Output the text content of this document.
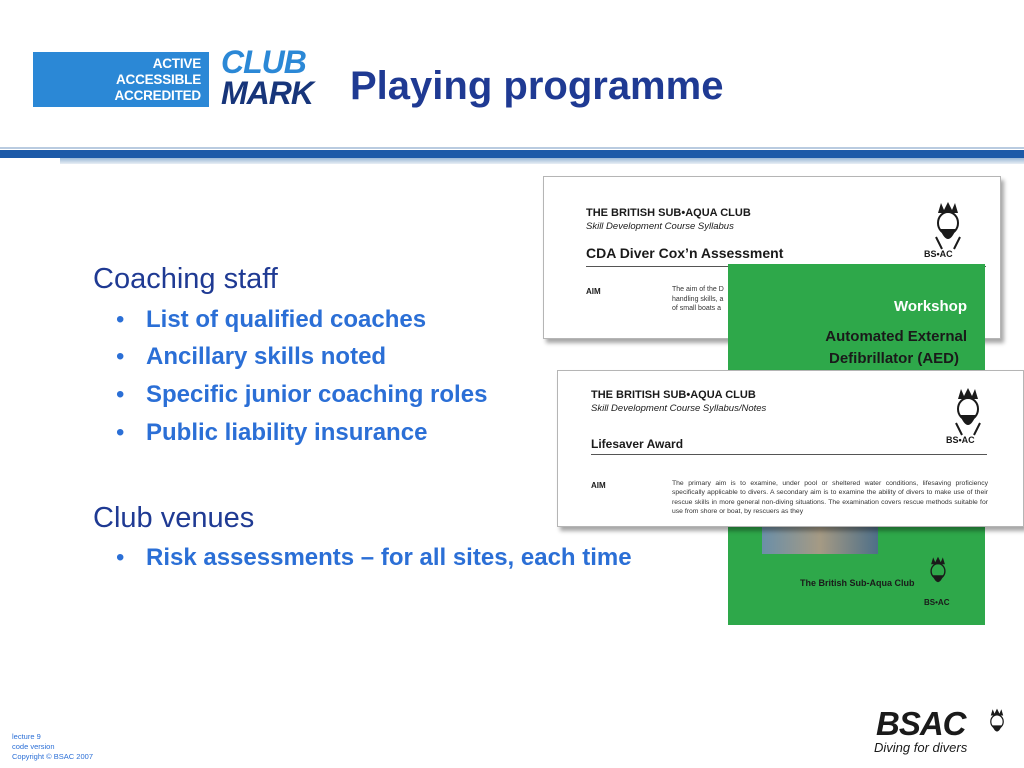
ACTIVE
ACCESSIBLE
ACCREDITED
CLUB
MARK Playing programme
Coaching staff
• List of qualified coaches
• Ancillary skills noted
• Specific junior coaching roles
• Public liability insurance
Club venues
• Risk assessments – for all sites, each time
THE BRITISH SUB•AQUA CLUB
Skill Development Course Syllabus
CDA Diver Cox’n Assessment
AIM	The aim of the D
handling skills, a
of small boats a
BS•AC
Workshop
Automated External
Defibrillator (AED)
The British Sub-Aqua Club
BS•AC
THE BRITISH SUB•AQUA CLUB
Skill Development Course Syllabus/Notes
Lifesaver Award
AIM	The primary aim is to examine, under pool or sheltered water conditions, lifesaving proficiency specifically applicable to divers. A secondary aim is to examine the ability of divers to make use of their rescue skills in more general non-diving situations. The examination covers rescue methods suitable for use from shore or boat, by rescuers as they
BS•AC
lecture 9
code version
Copyright © BSAC 2007
BSAC
Diving for divers
